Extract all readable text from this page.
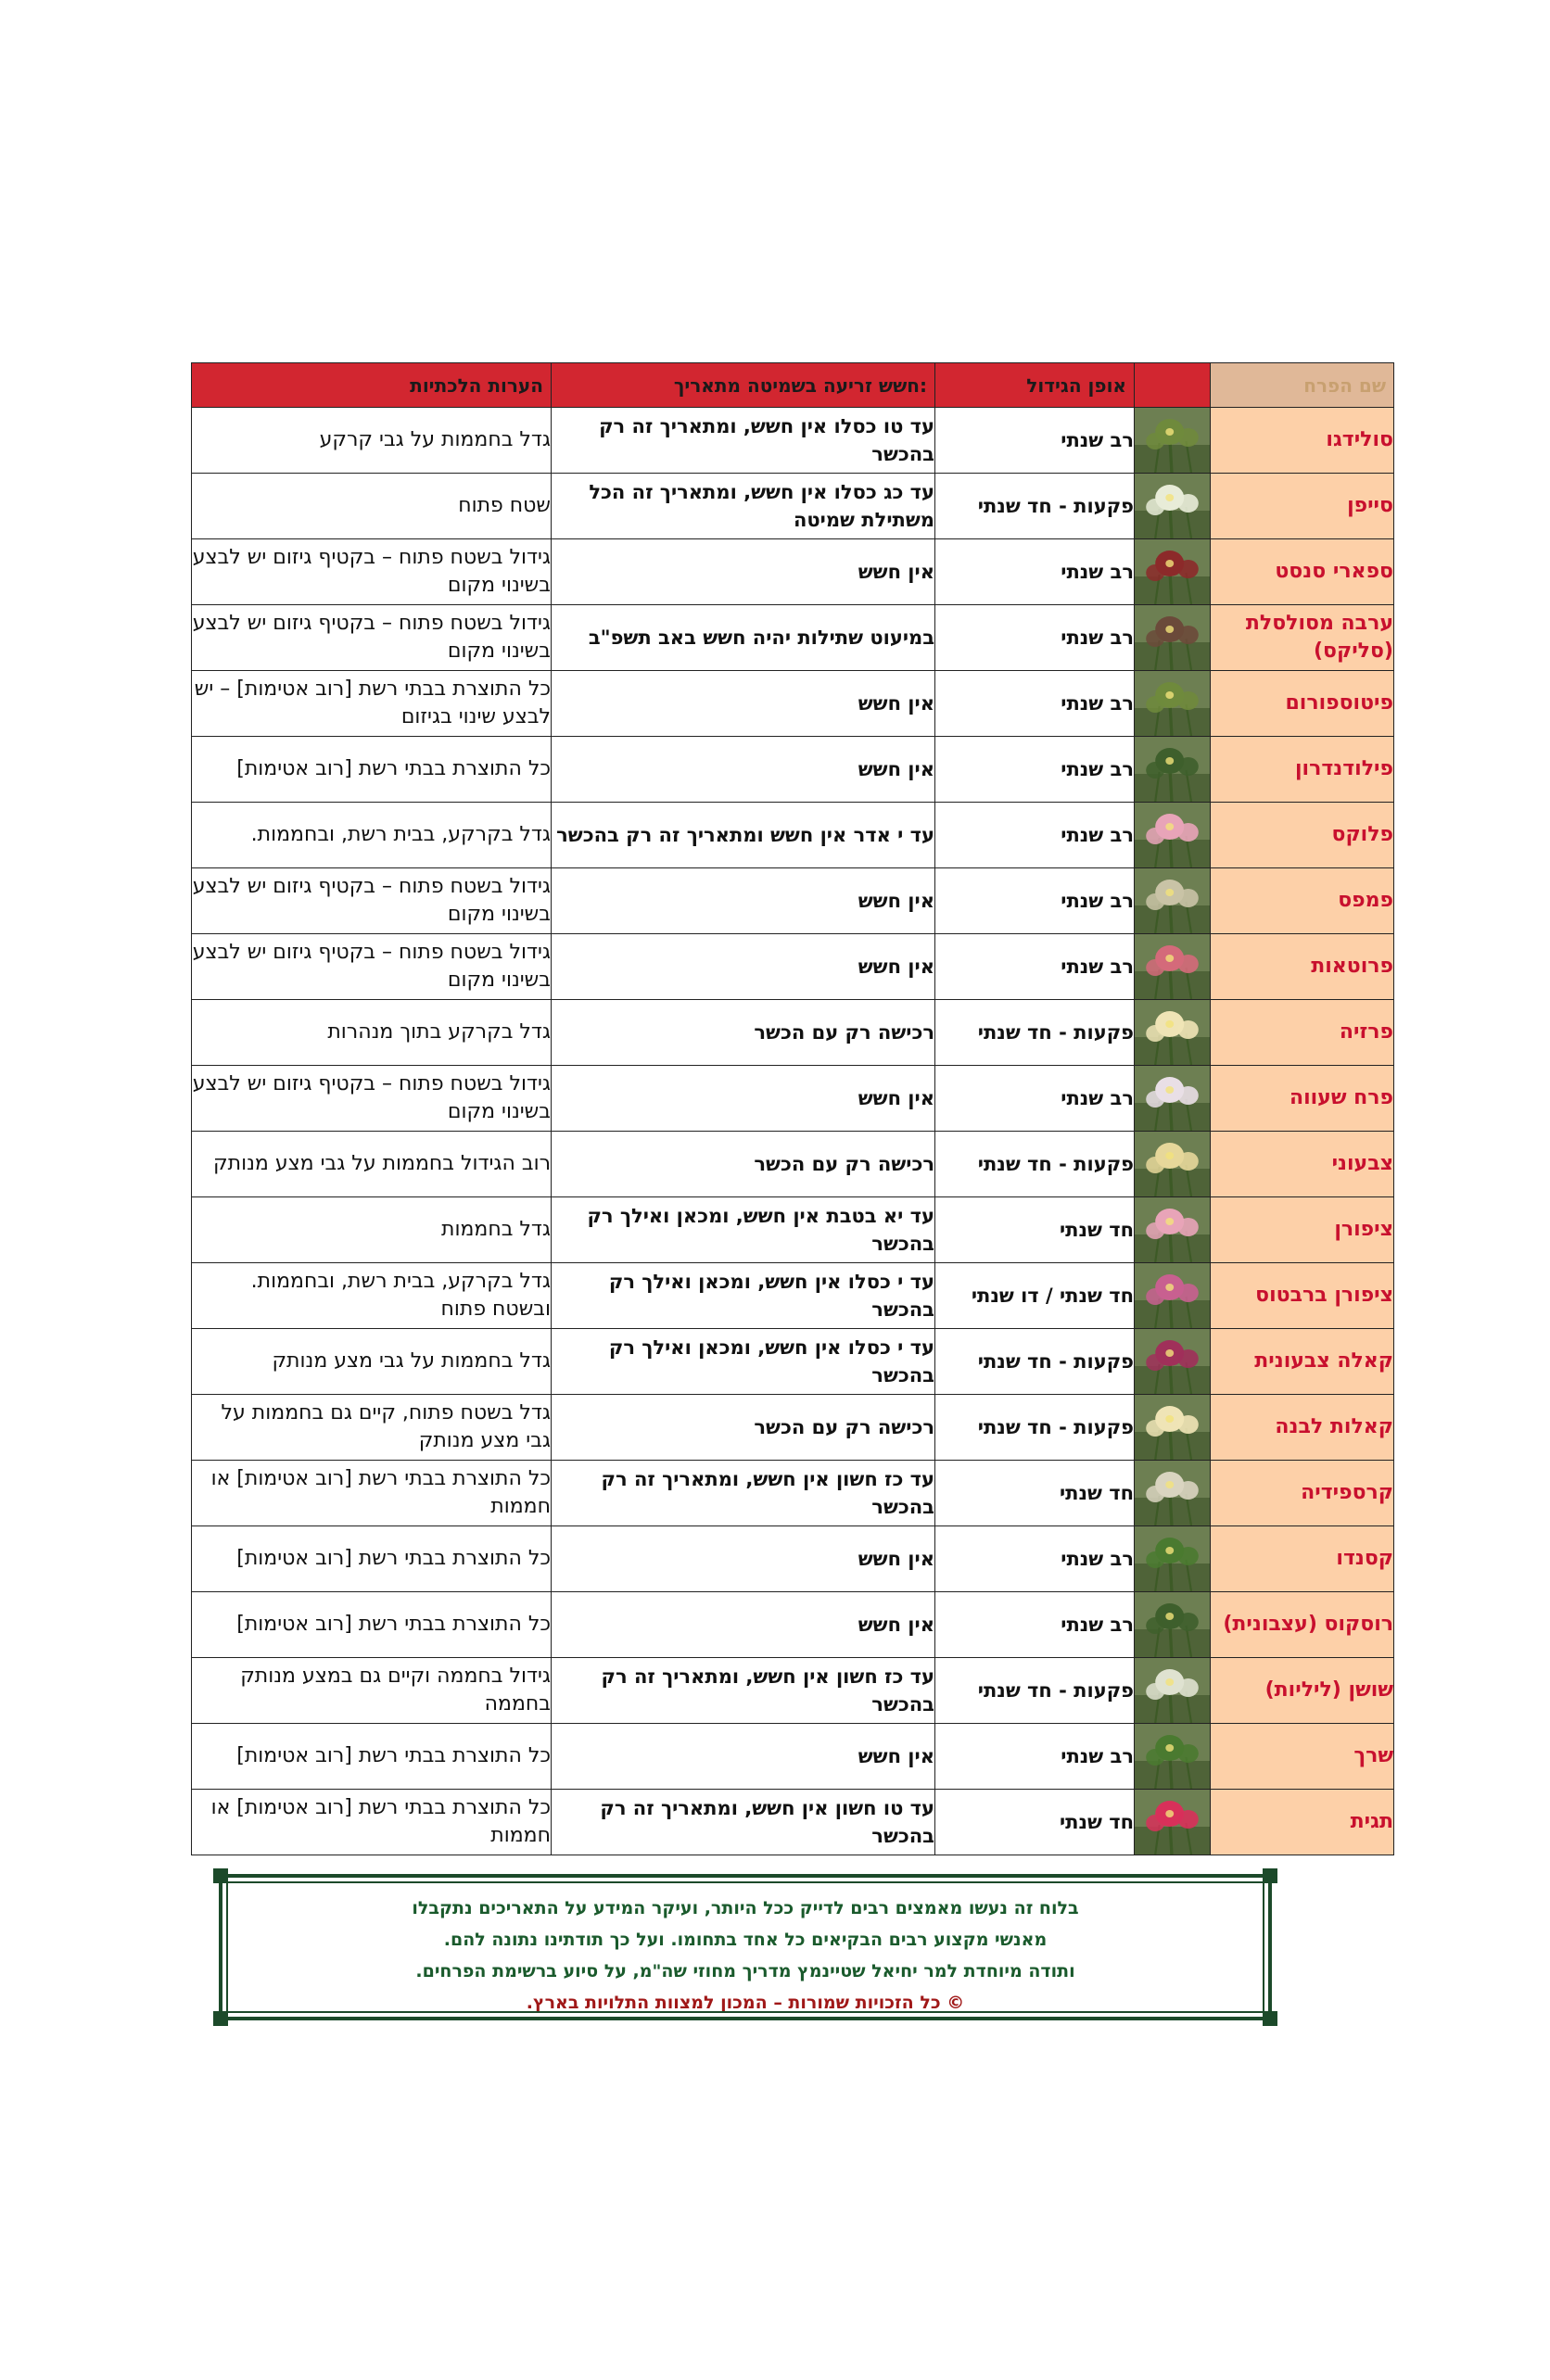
הערות הלכתיות	חשש זריעה בשמיטה מתאריך:	אופן הגידול		שם הפרח
גדל בחממות על גבי קרקע	עד טו כסלו אין חשש, ומתאריך זה רק בהכשר	רב שנתי		סולידגו
שטח פתוח	עד כג כסלו אין חשש, ומתאריך זה הכל משתילת שמיטה	פקעות - חד שנתי		סייפן
גידול בשטח פתוח – בקטיף גיזום יש לבצע בשינוי מקום	אין חשש	רב שנתי		ספארי סנסט
גידול בשטח פתוח – בקטיף גיזום יש לבצע בשינוי מקום	במיעוט שתילות יהיה חשש באב תשפ"ב	רב שנתי		ערבה מסולסלת (סליקס)
כל התוצרת בבתי רשת [רוב אטימות] – יש לבצע שינוי בגיזום	אין חשש	רב שנתי		פיטוספורום
כל התוצרת בבתי רשת [רוב אטימות]	אין חשש	רב שנתי		פילודנדרון
גדל בקרקע, בבית רשת, ובחממות.	עד י אדר אין חשש ומתאריך זה רק בהכשר	רב שנתי		פלוקס
גידול בשטח פתוח – בקטיף גיזום יש לבצע בשינוי מקום	אין חשש	רב שנתי		פמפס
גידול בשטח פתוח – בקטיף גיזום יש לבצע בשינוי מקום	אין חשש	רב שנתי		פרוטאות
גדל בקרקע בתוך מנהרות	רכישה רק עם הכשר	פקעות - חד שנתי		פרזיה
גידול בשטח פתוח – בקטיף גיזום יש לבצע בשינוי מקום	אין חשש	רב שנתי		פרח שעווה
רוב הגידול בחממות על גבי מצע מנותק	רכישה רק עם הכשר	פקעות - חד שנתי		צבעוני
גדל בחממות	עד יא בטבת אין חשש, ומכאן ואילך רק בהכשר	חד שנתי		ציפורן
גדל בקרקע, בבית רשת, ובחממות. ובשטח פתוח	עד י כסלו אין חשש, ומכאן ואילך רק בהכשר	חד שנתי / דו שנתי		ציפורן ברבטוס
גדל בחממות על גבי מצע מנותק	עד י כסלו אין חשש, ומכאן ואילך רק בהכשר	פקעות - חד שנתי		קאלה צבעונית
גדל בשטח פתוח, קיים גם בחממות על גבי מצע מנותק	רכישה רק עם הכשר	פקעות - חד שנתי		קאלות לבנה
כל התוצרת בבתי רשת [רוב אטימות] או חממות	עד כז חשון אין חשש, ומתאריך זה רק בהכשר	חד שנתי		קרספידיה
כל התוצרת בבתי רשת [רוב אטימות]	אין חשש	רב שנתי		קסנדו
כל התוצרת בבתי רשת [רוב אטימות]	אין חשש	רב שנתי		רוסקוס (עצבונית)
גידול בחממה וקיים גם במצע מנותק בחממה	עד כז חשון אין חשש, ומתאריך זה רק בהכשר	פקעות - חד שנתי		שושן (ליליות)
כל התוצרת בבתי רשת [רוב אטימות]	אין חשש	רב שנתי		שרך
כל התוצרת בבתי רשת [רוב אטימות] או חממות	עד טו חשון אין חשש, ומתאריך זה רק בהכשר	חד שנתי		תגית
בלוח זה נעשו מאמצים רבים לדייק ככל היותר, ועיקר המידע על התאריכים נתקבלו
מאנשי מקצוע רבים הבקיאים כל אחד בתחומו. ועל כך תודתינו נתונה להם.
ותודה מיוחדת למר יחיאל שטיינמץ מדריך מחוזי שה"מ, על סיוע ברשימת הפרחים.
© כל הזכויות שמורות – המכון למצוות התלויות בארץ.
